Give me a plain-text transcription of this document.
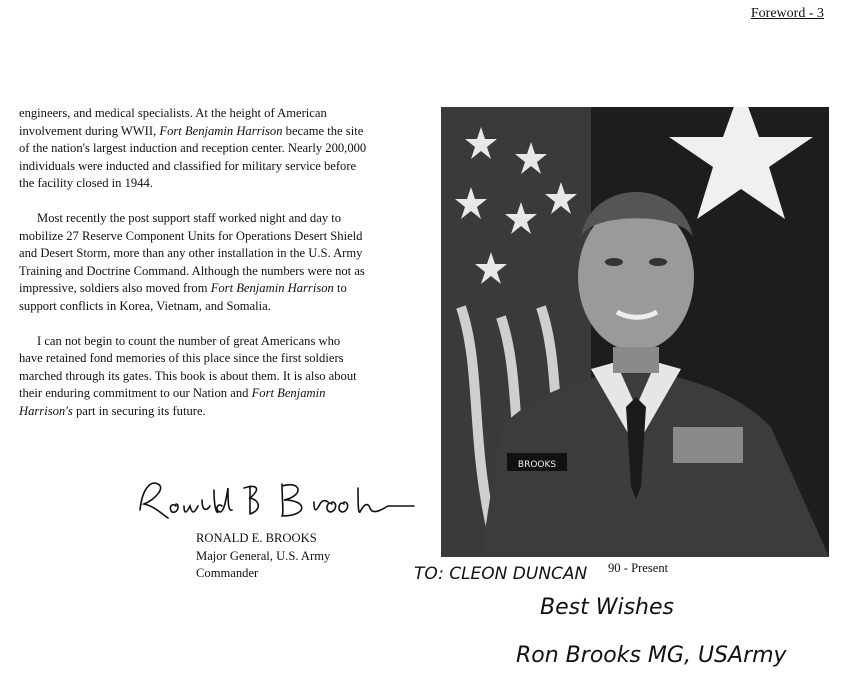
Foreword - 3

engineers, and medical specialists. At the height of American involvement during WWII, Fort Benjamin Harrison became the site of the nation's largest induction and reception center. Nearly 200,000 individuals were inducted and classified for military service before the facility closed in 1944.

Most recently the post support staff worked night and day to mobilize 27 Reserve Component Units for Operations Desert Shield and Desert Storm, more than any other installation in the U.S. Army Training and Doctrine Command. Although the numbers were not as impressive, soldiers also moved from Fort Benjamin Harrison to support conflicts in Korea, Vietnam, and Somalia.

I can not begin to count the number of great Americans who have retained fond memories of this place since the first soldiers marched through its gates. This book is about them. It is also about their enduring commitment to our Nation and Fort Benjamin Harrison's part in securing its future.

Ronald E. Brooks
RONALD E. BROOKS
Major General, U.S. Army
Commander
BROOKS
90 - Present
TO: CLEON DUNCAN
Best Wishes
Ron Brooks MG, USArmy
